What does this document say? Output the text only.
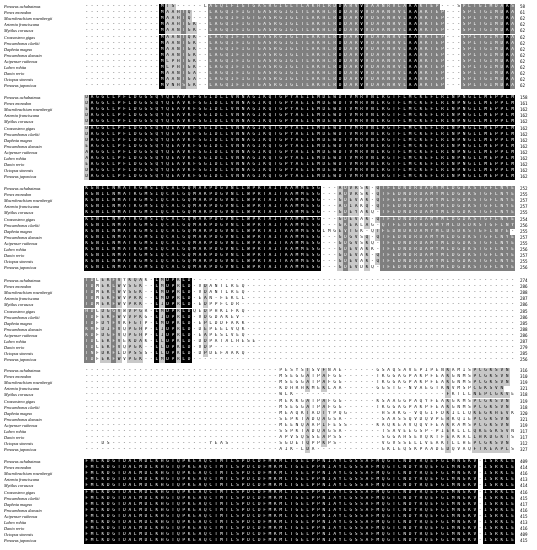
Penaeus achabatmus	- - - - - - - - - - - - - - M T S - - - - - L A G Q I F I G T G A S R G I G L T L A K H L R D D A R V V D A A N R V L A A A K T E P - - - S P L T G I M D A A S	58
Penes monodon	- - - - - - - - - - - - - - M A A H T Q - - - L A G Q I F I G T G A S R G I G L T L A K H L R D D A R V V D A A N R V L A A A K T E P - - - S P L T G I M D A A	61
Macrobrachium rosenbergii	- - - - - - - - - - - - - - M A A H T Q - - - L A G Q I F I G T G A S R G I G L T L A K H L R D D A R V V D S A N R V L A A A K T E P - - - S P L T G I M D A A	62
Artemia franciscana	- - - - - - - - - - - - - - M A A H T G K - - L A G Q I F I G T G A S R G I G L T L A K H L R D D A R V V D A A N R V L A A A K T E P - - - S P L T G I M D A A	62
Mytilus coruscus	- - - - - - - - - - - - - - M A A N T G K - - L A G Q I F I G T G A S R G I G L T L A K H L R D D A R V V D A A N R V L A A A K T E P - - - S P L T G I M D A A	62
Crassostrea gigas	- - - - - - - - - - - - - - M A A N T Q K - - L A G Q I F I G T G A S R G I G L T L A K H L R D D A R V V D A A N R V L A A A K T E P - - - S P L T G I M D A A	62
Procambarus clarkii	- - - - - - - - - - - - - - M A A N T G K - - L A G Q I F I G T G A S R G I G L T L A K H L R D D A R V V D A A N R V L A A A K T E P - - - S P L T G I M D A A	62
Daphnia magna	- - - - - - - - - - - - - - M A A N T G K - - L A G Q I F I G T G A S R G I G L T L A K H L R D D A R V V D A A N R V L A A A K T E P - - - S P L T G I M D A A	62
Procambarus daeusin	- - - - - - - - - - - - - - M A A N T G K - - L A G Q I F I G T G A S R G I G L T L A K H L R D D A R V V D A A N R V L A A A K T E P - - - S P L T G I M D A A	62
Acipenser ruthenus	- - - - - - - - - - - - - - M L P H T G K - - L A G Q I F I G T G A S R G I G L T L A K H L R D D A R V V D A A N R V L A A A K T E P - - - S P L T G I M D A A	62
Labeo rohita	- - - - - - - - - - - - - - M L P H T G K - - L A G Q I F I G T G A S R G I G L T L A K H L R D D A R V V D A A N R V L A A A K T E P - - - S P L T G I M D A A	62
Danio rerio	- - - - - - - - - - - - - - M A A N T G A - - L A G Q I F I G T G A S R G I G L T L A K H L R D D A R V V D A A N R V L A A A K T E P - - - S P L T G I M D A A	62
Octopus sinensis	- - - - - - - - - - - - - - M A A N T G A - - L A G Q I F I G T G A S R G I G L T L A K H L R D D A R V V D A A N R V L A A A K T E P - - - S P L T G I M D A A	62
Penaeus japonicus	- - - - - - - - - - - - - - M V N H S G K - - L A G Q I F I G T G A S R G I G L T L A K H L R D D A R V V D A A N R V L A A A K T E P - - - S P L T G I M D A A	62
Penaeus achabatmus	D A G G C L P F L D G G S Q Y Q E A V K F G G I D L L V N N A G I K Q T G P Y A E I E M D E W D T V M R V N L R G T F L M C K E F L R I N P N G L L M E P P L M	158
Penes monodon	D A G G C L P F L D G G S Q Y Q E A V K F G G I D L L V N N A G I K Q T G P Y A E I E M D E W D T V M R V N L R G T F L M C K E F L R I N P N G L L M E P P L M	161
Macrobrachium rosenbergii	E A G G C L P F L D G G S Q Y Q E A V K F G G I D L L V N N A G I K Q T G P Y A E I E M D E W D T V M R V N L R G T F L M C K E F L R I N P N G L L M E P P L M	162
Artemia franciscana	D A G G C L P F L D G G S Q Y Q E A V K F G G I D L L V N N A G I K Q T G P Y A E I E M D E W D T V M R V N L R G T F L M C K E F L R I N P N G L L M E P P L M	162
Mytilus coruscus	D A G G C L P F L D G G S Q Y Q E A V K F G G I D L L V N N A G I K Q T G P Y A E I E M D E W D T V M R V N L R G T F L M C K E F L R I N P N G L L M E P P L M	162
Crassostrea gigas	D A G G C L P F L D G G S Q Y Q E A V K F G G I D L L V N N A G I K Q T G P Y A E I E M D E W D T V M R V N L R G T F L M C K E F L R I N P N G L L M E P P L M	162
Procambarus clarkii	D A G G C L P F L D G G S Q Y Q E A V K F G G I D L L V N N A G I K Q T G P Y A E I E M D E W D T V M R V N L R G T F L M C K E F L R I N P N G L L M E P P L M	162
Daphnia magna	D A G G C L P F L D G G S Q Y Q E A V K F G G I D L L V N N A G I K Q T G P Y A E I E M D E W D T V M R V N L R G T F L M C K E F L R I N P N G L L M E P P L M	162
Procambarus daeusin	E A G G C L P F L D G G S Q Y Q E A V K F G G I D L L V N N A G I K Q T G P Y A E I E M D E W D T V M R V N L R G T F L M C K E F L R I N P N G L L M E P P L M	162
Acipenser ruthenus	A A G G C L P F L D G G S Q Y Q E A V K F G G I D L L V N N A G I K Q T G P Y A E I E M D E W D T V M R V N L R G T F L M C K E F L R I N P N G L L M E P P L M	162
Labeo rohita	A A G G C L P F L D G G S Q Y Q E A V K F G G I D L L V N N A G I K Q T G P Y A E I E M D E W D T V M R V N L R G T F L M C K E F L R I N P N G L L M E P P L M	162
Danio rerio	E A G G C L P F L D G G S Q Y Q E A V K F G G I D L L V N N A G I K Q T G P Y A E I E M D E W D T V M R V N L R G T F L M C K E F L R I N P N G L L M E P P L M	162
Octopus sinensis	D A G G C L P F L D G G S Q Y Q E A V K F G G I D L L V N N A G I K Q T G P Y A E I E M D E W D T V M R V N L R G T F L M C K E F L R I N P N G L L M E P P L M	162
Penaeus japonicus	D A G G C L P F L D G G S Q Y Q E A V K F G G I D L L V N N A G I K Q T G P Y A E I E M D E W D T V M R V N L R G T F L M C K E F L R I N P N G L L M E P P L M	162
Penaeus achabatmus	K G N I L N M A T K G M S I Q C A L G Q M A K P D G V N L L W P R T A I T A A M M E S G - - - A D V R S K - Q T F E D N D R D A M Y M L D G D K S T G F L N Y E	252
Penes monodon	K G N I L N M A T K G M S I Q C A L G Q M A K P D G V N L L W P R T A I T A A M M E S G - - - A D V R S K - Q T F E D N D R D A M Y M L D G D K S T G F L N Y E	255
Macrobrachium rosenbergii	K G N I L N M A T K G M S I Q C A L G Q M A K P D G V N L L W P R T A I T A A M M E S G - - - G D E V A K - Q T F E D N D R D A M Y M L D G D K S T G F L N Y E	257
Artemia franciscana	K G N I L N M A T K G M S I Q C A L G Q M A K P D G V N L L W P R T A I T A A M M E S G - - - A D I A K Q - Q T F E D N D R D A M Y M L D G D K S T G F L N Y E	257
Mytilus coruscus	K G N I L N M A T K G M S I Q C A L G Q M A K P D G V N L L W P R T A I T A A M M E S G - - - G D E Y A K Q - T F E D N D R D A M Y M L D G D K S T G F L N Y E	255
Crassostrea gigas	K G N I L N M A T K G M S I Q C A L G Q M A K P D G V N L L W P R T A I T A A M M E S G - - - G D E V A K - Q T F E D N D R D A M Y M L D G D K S T G F L N Y E	254
Procambarus clarkii	K G N I L N M A T K G M S I Q C A L G Q M A K P D G V N L L W P R T A I T A A M M E S G - - - G K E A L A G - Q T F E D N D R D A M Y M L D G D K S T G F L N Y	256
Daphnia magna	K G N I L N M A T K G M S I Q C A L G Q M A K P D G V N L L W P R T A I T A A M M E S G L M G E V T G K - Q T F E D N D R D A M Y M L D G D K S T G F L N Y E -	255
Procambarus daeusin	K G N I L N M A T K G M S I Q C A L G Q M A K P D G V N L L W P R T A I T A A M M E S G - - - G D G V S Q - Q T F E D N D R D A M Y M L D G D K S T G F L N Y E	257
Acipenser ruthenus	K G N I L N M A T K G M S I Q C A L G Q M A K P D G V N L L W P R T A I T A A M M E S G - - - G D G V S K Q - T F E D N D R D A M Y M L D G D K S T G F L N Y E	255
Labeo rohita	K G N I L N M A T K G M S I Q C A L G Q M A K P D G V N L L W P R T A I T A A M M E S G - - - G D E V A K K - T F E D N D R D A M Y M L D G D K S T G F L N Y E	256
Danio rerio	K G N I L N M A T K G M S I Q C A L G Q M A K P D G V N L L W P R T A I T A A M M E S G - - - G D E V A K - Q T F E D N D R D A M Y M L D G D K S T G F L N Y E	257
Octopus sinensis	K G N I L N M A T K G M S I Q C A L G Q M A K P D G V N L L W P R T A I T A A M M E S G - - - G D E V A K - Q T F E D N D R D A M Y M L D G D K S T G F L N Y E	255
Penaeus japonicus	K G N I L N M A T K G M S I Q C A L G Q M A K P D G V N L L W P R T A I T A A M M E S G - - - G D E V D K Q - T F E D N D R D A M Y M L D G D K S T G F L N Y E	256
Penaeus achabatmus	T D L E K F V Y K Q A K - L M D P K L D - - - - - - - - - - - - - - - - - - - - - - - - - - - - - - - - - - - - - - - - - - - - - - - - - - - - - - - - - - - -	274
Penes monodon	T D M E K L W V S G K - - L M D P R L D - V D A N T L R E Q - - - - - - - - - - - - - - - - - - - - - - - - - - - - - - - - - - - - - - - - - - - - - - - - - -	286
Macrobrachium rosenbergii	T D M E K L W V S G K - - L M D P R L D - V D A N T L R E Q - - - - - - - - - - - - - - - - - - - - - - - - - - - - - - - - - - - - - - - - - - - - - - - - - -	288
Artemia franciscana	T D M E K F W V P R K - - L M D P R L D - E A N - F E K L L - - - - - - - - - - - - - - - - - - - - - - - - - - - - - - - - - - - - - - - - - - - - - - - - - -	287
Mytilus coruscus	T D M E K F W V P R K - - L I D P R L D - E D P P F C D R - - - - - - - - - - - - - - - - - - - - - - - - - - - - - - - - - - - - - - - - - - - - - - - - - - -	286
Crassostrea gigas	H D L D G G V W V P G R - L M D P R L D Q E D P H K I F K Q - - - - - - - - - - - - - - - - - - - - - - - - - - - - - - - - - - - - - - - - - - - - - - - - - -	285
Procambarus clarkii	T D F E K F W V V P K G - L I D P R L D - V D G D A K E V - - - - - - - - - - - - - - - - - - - - - - - - - - - - - - - - - - - - - - - - - - - - - - - - - - -	286
Daphnia magna	T D F D Y F V K F G T P - L M D P K L D - E P L D D F A K K - - - - - - - - - - - - - - - - - - - - - - - - - - - - - - - - - - - - - - - - - - - - - - - - - -	285
Procambarus daeusin	K M F D I F V Q P G H P - L I D P R L D - D E P E E L V Q K - - - - - - - - - - - - - - - - - - - - - - - - - - - - - - - - - - - - - - - - - - - - - - - - - -	288
Acipenser ruthenus	K D F D G F V Q P G H P - L I D P R L D - E A P E S L V E Q - - - - - - - - - - - - - - - - - - - - - - - - - - - - - - - - - - - - - - - - - - - - - - - - - -	286
Labeo rohita	T D L E K F V E K D A K - L L D P K L D - D D P A T A L H E S E - - - - - - - - - - - - - - - - - - - - - - - - - - - - - - - - - - - - - - - - - - - - - - - -	287
Danio rerio	T D L E K F V Q P G K - - L L D P K L D - V D P - - - - - - - - - - - - - - - - - - - - - - - - - - - - - - - - - - - - - - - - - - - - - - - - - - - - - - - -	279
Octopus sinensis	T N F D K F L D P S S S - L L D P K L D - D P D E F A A K Q - - - - - - - - - - - - - - - - - - - - - - - - - - - - - - - - - - - - - - - - - - - - - - - - - -	285
Penaeus japonicus	T D F E K F W V P G K - - L M D P R L D - - - - - - - - - - - - - - - - - - - - - - - - - - - - - - - - - - - - - - - - - - - - - - - - - - - - - - - - - - - -	256
Penaeus achabatmus	- - - - - - - - - - - - - - - - - - - - - - - - - - - - - - - - - - - - P E S Y S T S V F N A E - - - - - - G S A Q S A V E P I P E N K A M I S P C G K S V N	316
Penes monodon	- - - - - - - - - - - - - - - - - - - - - - - - - - - - - - - - - - - - M S E G G A T P A F G G - - - - - - T K G G A G P A K P F E A K G N M S P C G K S V N	310
Macrobrachium rosenbergii	- - - - - - - - - - - - - - - - - - - - - - - - - - - - - - - - - - - - M S E G G A T P A F G G - - - - - - T K G G A G P A K P F E A K G N M S P C G K S V N	319
Artemia franciscana	- - - - - - - - - - - - - - - - - - - - - - - - - - - - - - - - - - - - K D H R H K M E K L A A - - - - - - G G S T G - N V A E G T K N V M S P C G K S V N	321
Mytilus coruscus	- - - - - - - - - - - - - - - - - - - - - - - - - - - - - - - - - - - - W L K - - - - - - - - - - - - - - - - - - - - - - - - - - - - F K T L L N E P C G K V E	318
Crassostrea gigas	- - - - - - - - - - - - - - - - - - - - - - - - - - - - - - - - - - - - M E K K G A T P A F G G - - - - - - K S A A G G P A Q Y F E A K G K M S P C G K S V N	319
Procambarus clarkii	- - - - - - - - - - - - - - - - - - - - - - - - - - - - - - - - - - - - M S E G G A T P A F G G - - - - - - T K G G A G P A K P F E A K G N M S P C G K S V N	318
Daphnia magna	- - - - - - - - - - - - - - - - - - - - - - - - - - - - - - - - - - - - M E A Q K T A D T Y P Q G - - - - - - H S A K G - V Q G I F D K I L L Q K E G K H E V K	320
Procambarus daeusin	- - - - - - - - - - - - - - - - - - - - - - - - - - - - - - - - - - - - S E P K T A D Q A G S A - - - - - - - S A A S S Q V D Q V P E R K Q I E P C G K S V N	321
Acipenser ruthenus	- - - - - - - - - - - - - - - - - - - - - - - - - - - - - - - - - - - - M E E N Q A A P I F E S S - - - - - K A Q K E A V Q Q V F E A K R A M S P C G K S V N	319
Labeo rohita	- - - - - - - - - - - - - - - - - - - - - - - - - - - - - - - - - - - - S S P K T A D Q A G S A - - - - - - - T S A V E E G S P - P I E K L L L Q K E G K S V N	317
Danio rerio	- - - - - - - - - - - - - - - - - - - - - - - - - - - - - - - - - - - - A P V S Q S S E A P S S - - - - - - - S G G A H S E V Q K T F E A K A L L H K D G K T S	317
Octopus sinensis	- - - D S - - - - - - - - - - - - - - - - - - Y E A S - - - - - - - - - S G D E T Q P P K P S - - - - - - - - V G V S S E L L V E A K T L L H E P C G K S V N	312
Penaeus japonicus	- - - - - - - - - - - - - - - - - - - - - - - - - - - - - - - - - - - - A I K - L D A - - - - - - - - - - - - G K L E Q S K P A A D E D Q V A Q F T K E A P L S	327
Penaeus achabatmus	F M L K D G T D A L M D L K H G T Q P K E A Q C T M T L S P D C D F M K M L T G E L P P N I A Y L G S S A F M Q G T C N D Y R Q E F G L M N G K V - I S R K L E	409
Penes monodon	F M L K D G T D A L M D L K H G T Q P K E A Q C T M T L S P D C D F M K M L T G E L P P N I A Y L G S S A F M Q G T C N D Y R Q E F G L M N G K V - I S R K L E	414
Macrobrachium rosenbergii	F M L K D G T D A L M D L K H G T Q P K E A Q C T M T L S P D C D F M K M L T G E L P P N I A Y L G S S A F M Q G T C N D Y R Q E F G L M N G K V - I S R K L E	416
Artemia franciscana	F M L K D G T D A L M D L K H G T Q P K E A Q C T M T L S P D C D F M K M L T G E L P P N I A Y L G S S A F M Q G T C N D Y R Q E F G L M N G K V - I S R K L E	413
Mytilus coruscus	F M L K D G T D A L M D L K H G T Q P K E A Q C T M T L S P D C D F M K M L T G E L P P N I A Y L G S S A F M Q G T C N D Y R Q E F G L M N G K V - I S R K L E	414
Crassostrea gigas	F M L K D G T D A L M D L K H G T Q P K E A Q C T M T L S P D C D F M K M L T G E L P P N I A Y L G S S A F M Q G T C N D Y R Q E F G L M N G K V - I S R K L E	416
Procambarus clarkii	F M L K D G T D A L M D L K H G T Q P K E A Q C T M T L S P D C D F M K M L T G E L P P N I A Y L G S S A F M Q G T C N D Y R Q E F G L M N G K V - I S R K L E	415
Daphnia magna	F M L K D G T D A L M D L K H G T Q P K E A Q C T M T L S P D C D F M K M L T G E L P P N I A Y L G S S A F M Q G T C N D Y R Q E F G L M N G K V - I S R K L E	417
Procambarus daeusin	F M L K D G T D A L M D L K H G T Q P K E A Q C T M T L S P D C D F M K M L T G E L P P N I A Y L G S S A F M Q G T C N D Y R Q E F G L M N G K V - I S R K L E	416
Acipenser ruthenus	F M L K D G T D A L M D L K H G T Q P K E A Q C T M T L S P D C D F M K M L T G E L P P N I A Y L G S S A F M Q G T C N D Y R Q E F G L M N G K V - I S R K L E	415
Labeo rohita	F M L K D G T D A L M D L K H G T Q P K E A Q C T M T L S P D C D F M K M L T G E L P P N I A Y L G S S A F M Q G T C N D Y R Q E F G L M N G K V - I S R K L E	413
Danio rerio	F M L K D G T D A L M D L K H G T Q P K E A Q C T M T L S P D C D F M K M L T G E L P P N I A Y L G S S A F M Q G T C N D Y R Q E F G L M N G K V - I S R K L E	416
Octopus sinensis	F M L K D G T D A L M D L K H G T Q P K E A Q C T M T L S P D C D F M K M L T G E L P P N I A Y L G S S A F M Q G T C N D Y R Q E F G L M N G K V - I S R K L E	409
Penaeus japonicus	F M L K D G T D A L M D L K H G T Q P K E A Q C T M T L S P D C D F M K M L T G E L P P N I A Y L G S S A F M Q G T C N D Y R Q E F G L M N G K V - I S R K L E	415
